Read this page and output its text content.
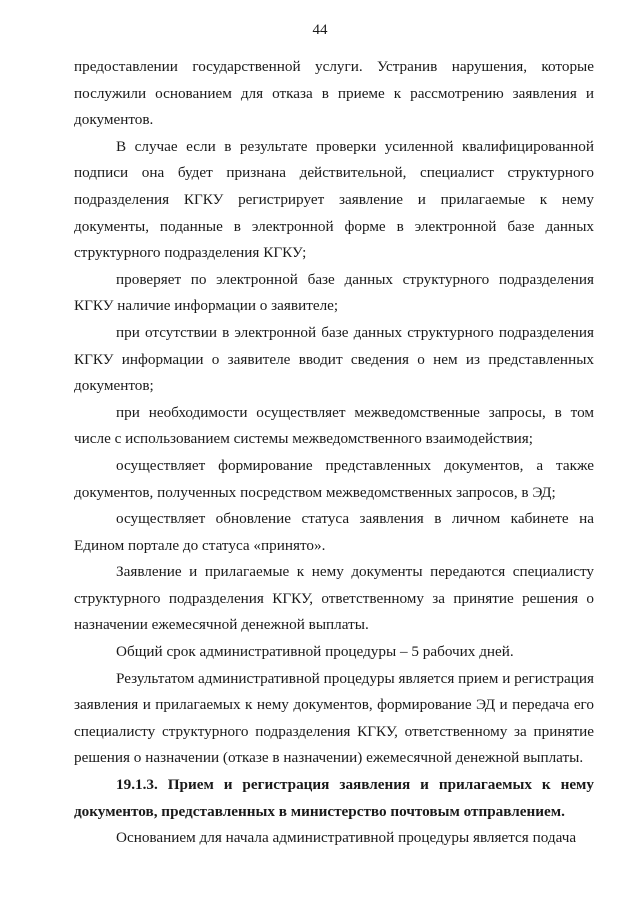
44

предоставлении государственной услуги. Устранив нарушения, которые послужили основанием для отказа в приеме к рассмотрению заявления и документов.

В случае если в результате проверки усиленной квалифицированной подписи она будет признана действительной, специалист структурного подразделения КГКУ регистрирует заявление и прилагаемые к нему документы, поданные в электронной форме в электронной базе данных структурного подразделения КГКУ;

проверяет по электронной базе данных структурного подразделения КГКУ наличие информации о заявителе;

при отсутствии в электронной базе данных структурного подразделения КГКУ информации о заявителе вводит сведения о нем из представленных документов;

при необходимости осуществляет межведомственные запросы, в том числе с использованием системы межведомственного взаимодействия;

осуществляет формирование представленных документов, а также документов, полученных посредством межведомственных запросов, в ЭД;

осуществляет обновление статуса заявления в личном кабинете на Едином портале до статуса «принято».

Заявление и прилагаемые к нему документы передаются специалисту структурного подразделения КГКУ, ответственному за принятие решения о назначении ежемесячной денежной выплаты.

Общий срок административной процедуры – 5 рабочих дней.

Результатом административной процедуры является прием и регистрация заявления и прилагаемых к нему документов, формирование ЭД и передача его специалисту структурного подразделения КГКУ, ответственному за принятие решения о назначении (отказе в назначении) ежемесячной денежной выплаты.

19.1.3. Прием и регистрация заявления и прилагаемых к нему документов, представленных в министерство почтовым отправлением.

Основанием для начала административной процедуры является подача
